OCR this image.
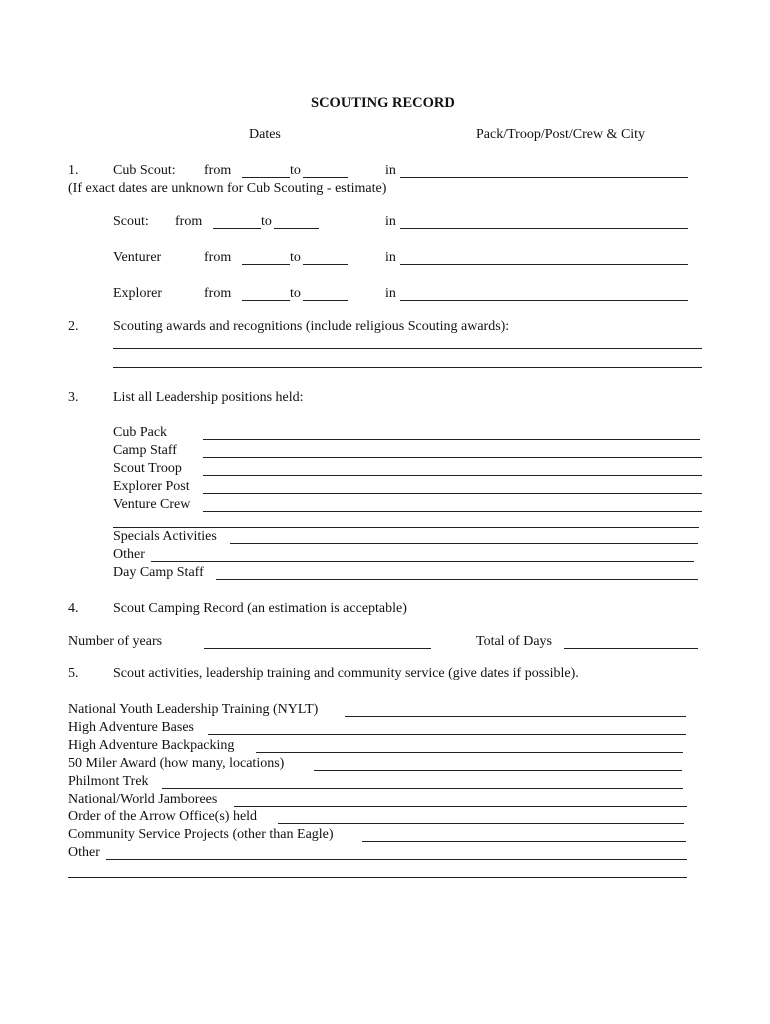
SCOUTING RECORD
Dates	Pack/Troop/Post/Crew & City
1. Cub Scout: from	to	in
(If exact dates are unknown for Cub Scouting - estimate)
Scout: from	to	in
Venturer	from	to	in
Explorer	from	to	in
2. Scouting awards and recognitions (include religious Scouting awards):
3. List all Leadership positions held:
Cub Pack
Camp Staff
Scout Troop
Explorer Post
Venture Crew
Specials Activities
Other
Day Camp Staff
4. Scout Camping Record (an estimation is acceptable)
Number of years	Total of Days
5. Scout activities, leadership training and community service (give dates if possible).
National Youth Leadership Training (NYLT)
High Adventure Bases
High Adventure Backpacking
50 Miler Award (how many, locations)
Philmont Trek
National/World Jamborees
Order of the Arrow Office(s) held
Community Service Projects (other than Eagle)
Other
